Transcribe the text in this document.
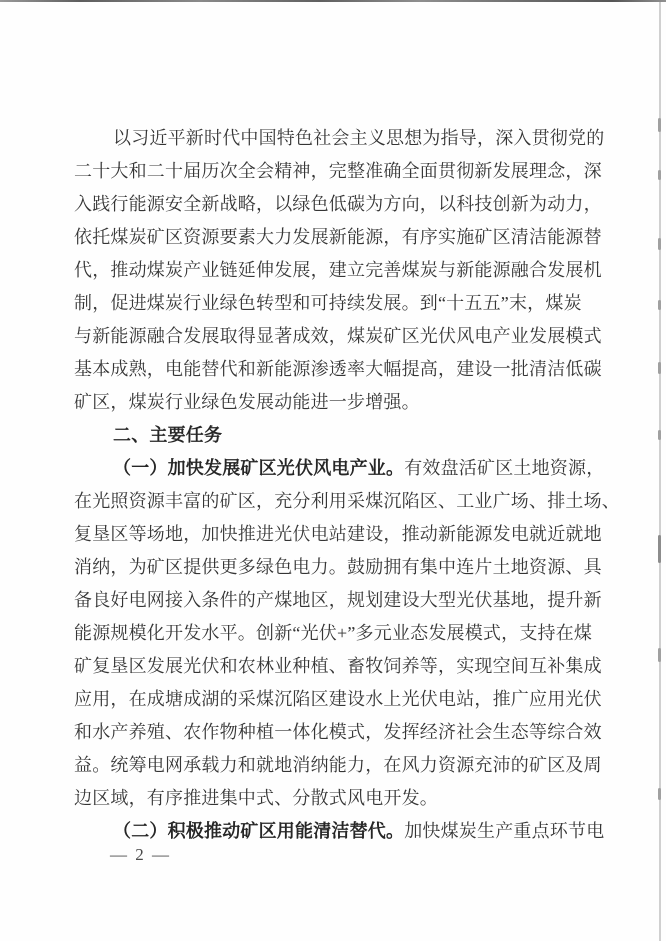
以习近平新时代中国特色社会主义思想为指导，深入贯彻党的
二十大和二十届历次全会精神，完整准确全面贯彻新发展理念，深
入践行能源安全新战略，以绿色低碳为方向，以科技创新为动力，
依托煤炭矿区资源要素大力发展新能源，有序实施矿区清洁能源替
代，推动煤炭产业链延伸发展，建立完善煤炭与新能源融合发展机
制，促进煤炭行业绿色转型和可持续发展。到“十五五”末，煤炭
与新能源融合发展取得显著成效，煤炭矿区光伏风电产业发展模式
基本成熟，电能替代和新能源渗透率大幅提高，建设一批清洁低碳
矿区，煤炭行业绿色发展动能进一步增强。
二、主要任务
（一）加快发展矿区光伏风电产业。有效盘活矿区土地资源，
在光照资源丰富的矿区，充分利用采煤沉陷区、工业广场、排土场、
复垦区等场地，加快推进光伏电站建设，推动新能源发电就近就地
消纳，为矿区提供更多绿色电力。鼓励拥有集中连片土地资源、具
备良好电网接入条件的产煤地区，规划建设大型光伏基地，提升新
能源规模化开发水平。创新“光伏+”多元业态发展模式，支持在煤
矿复垦区发展光伏和农林业种植、畜牧饲养等，实现空间互补集成
应用，在成塘成湖的采煤沉陷区建设水上光伏电站，推广应用光伏
和水产养殖、农作物种植一体化模式，发挥经济社会生态等综合效
益。统筹电网承载力和就地消纳能力，在风力资源充沛的矿区及周
边区域，有序推进集中式、分散式风电开发。
（二）积极推动矿区用能清洁替代。加快煤炭生产重点环节电
— 2 —
